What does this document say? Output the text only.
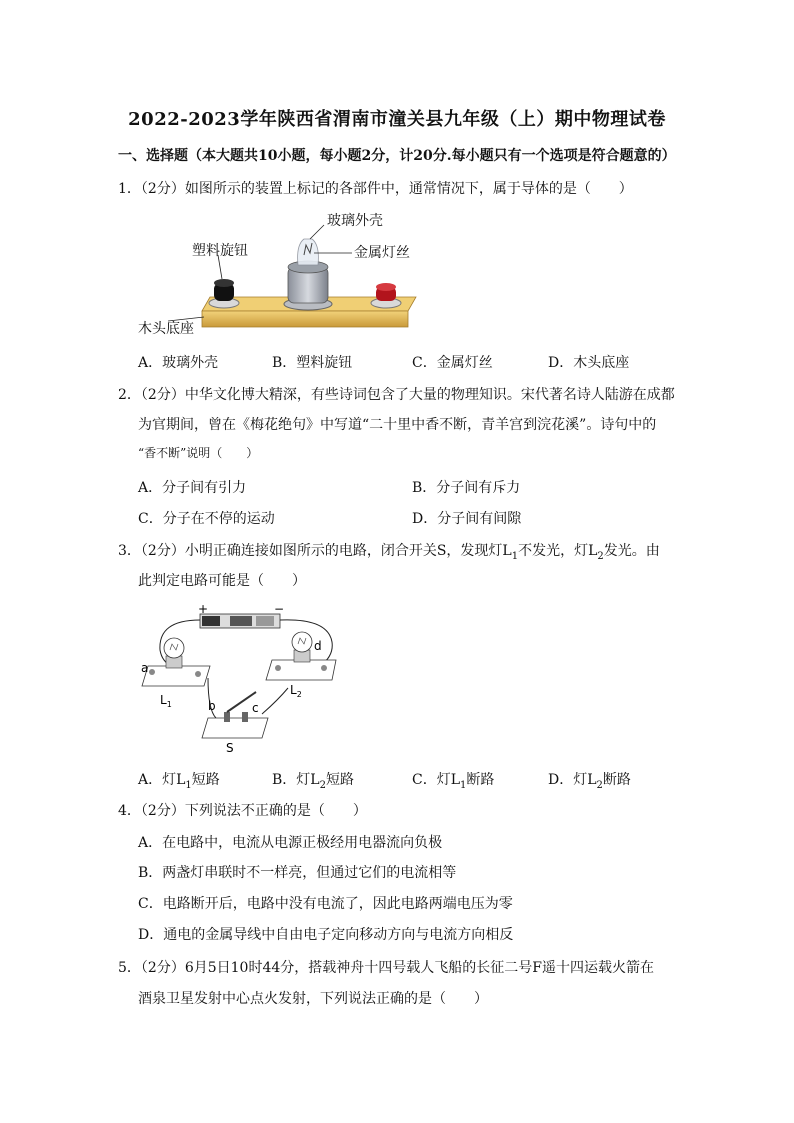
2022-2023学年陕西省渭南市潼关县九年级（上）期中物理试卷
一、选择题（本大题共10小题，每小题2分，计20分.每小题只有一个选项是符合题意的）
1．（2分）如图所示的装置上标记的各部件中，通常情况下，属于导体的是（　　）
玻璃外壳
塑料旋钮	金属灯丝
木头底座
A．玻璃外壳	B．塑料旋钮	C．金属灯丝	D．木头底座
2．（2分）中华文化博大精深，有些诗词包含了大量的物理知识。宋代著名诗人陆游在成都
为官期间，曾在《梅花绝句》中写道“二十里中香不断，青羊宫到浣花溪”。诗句中的
“香不断”说明（　　）
A．分子间有引力	B．分子间有斥力
C．分子在不停的运动	D．分子间有间隙
3．（2分）小明正确连接如图所示的电路，闭合开关S，发现灯$L_1$不发光，灯$L_2$发光。由
此判定电路可能是（　　）
+	−
a
$L_1$	b	c
d
$L_2$
S
A．灯$L_1$短路	B．灯$L_2$短路	C．灯$L_1$断路	D．灯$L_2$断路
4．（2分）下列说法不正确的是（　　）
A．在电路中，电流从电源正极经用电器流向负极
B．两盏灯串联时不一样亮，但通过它们的电流相等
C．电路断开后，电路中没有电流了，因此电路两端电压为零
D．通电的金属导线中自由电子定向移动方向与电流方向相反
5．（2分）6月5日10时44分，搭载神舟十四号载人飞船的长征二号F遥十四运载火箭在
酒泉卫星发射中心点火发射，下列说法正确的是（　　）
